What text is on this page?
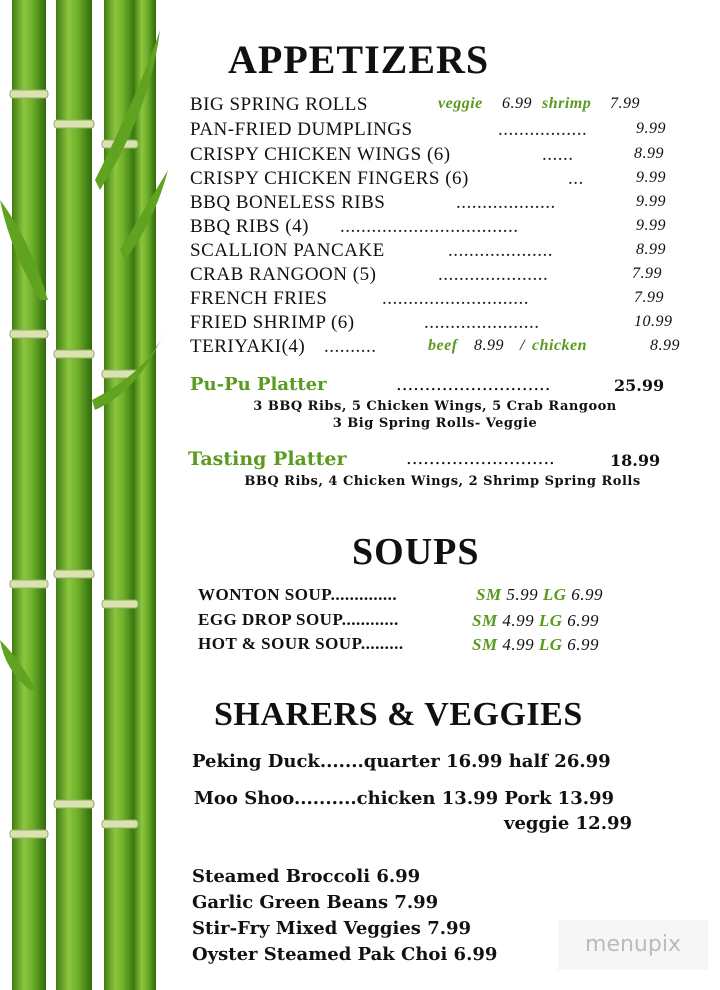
APPETIZERS
BIG SPRING ROLLS	veggie 6.99 shrimp 7.99
PAN-FRIED DUMPLINGS	.................	9.99
CRISPY CHICKEN WINGS (6)	......	8.99
CRISPY CHICKEN FINGERS (6)	...	9.99
BBQ BONELESS RIBS	...................	9.99
BBQ RIBS (4) ..................................	9.99
SCALLION PANCAKE	....................	8.99
CRAB RANGOON (5)	.....................	7.99
FRENCH FRIES	............................	7.99
FRIED SHRIMP (6)	......................	10.99
TERIYAKI(4) ..........	beef 8.99 / chicken	8.99
Pu-Pu Platter	...........................	25.99
3 BBQ Ribs, 5 Chicken Wings, 5 Crab Rangoon
3 Big Spring Rolls- Veggie
Tasting Platter	..........................	18.99
BBQ Ribs, 4 Chicken Wings, 2 Shrimp Spring Rolls
SOUPS
WONTON SOUP..............	SM 5.99 LG 6.99
EGG DROP SOUP............	SM 4.99 LG 6.99
HOT & SOUR SOUP.........	SM 4.99 LG 6.99
SHARERS & VEGGIES
Peking Duck.......quarter 16.99 half 26.99
Moo Shoo..........chicken 13.99 Pork 13.99
veggie 12.99
Steamed Broccoli 6.99
Garlic Green Beans 7.99
Stir-Fry Mixed Veggies 7.99
Oyster Steamed Pak Choi 6.99	menupix
